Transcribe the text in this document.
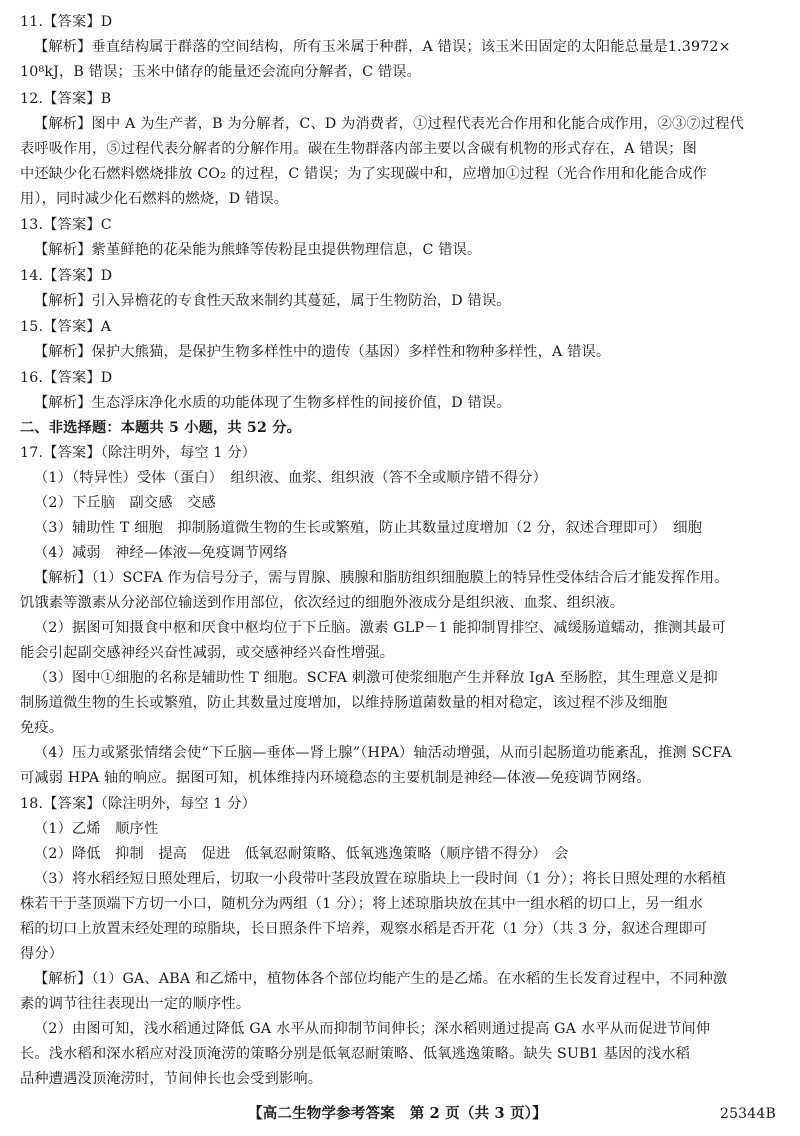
11.【答案】D
【解析】垂直结构属于群落的空间结构，所有玉米属于种群，A 错误；该玉米田固定的太阳能总量是1.3972×
10⁸kJ，B 错误；玉米中储存的能量还会流向分解者，C 错误。
12.【答案】B
【解析】图中 A 为生产者，B 为分解者，C、D 为消费者，①过程代表光合作用和化能合成作用，②③⑦过程代
表呼吸作用，⑤过程代表分解者的分解作用。碳在生物群落内部主要以含碳有机物的形式存在，A 错误；图
中还缺少化石燃料燃烧排放 CO₂ 的过程，C 错误；为了实现碳中和，应增加①过程（光合作用和化能合成作
用），同时减少化石燃料的燃烧，D 错误。
13.【答案】C
【解析】紫堇鲜艳的花朵能为熊蜂等传粉昆虫提供物理信息，C 错误。
14.【答案】D
【解析】引入异檐花的专食性天敌来制约其蔓延，属于生物防治，D 错误。
15.【答案】A
【解析】保护大熊猫，是保护生物多样性中的遗传（基因）多样性和物种多样性，A 错误。
16.【答案】D
【解析】生态浮床净化水质的功能体现了生物多样性的间接价值，D 错误。
二、非选择题：本题共 5 小题，共 52 分。
17.【答案】（除注明外，每空 1 分）
（1）（特异性）受体（蛋白）　组织液、血浆、组织液（答不全或顺序错不得分）
（2）下丘脑　副交感　交感
（3）辅助性 T 细胞　抑制肠道微生物的生长或繁殖，防止其数量过度增加（2 分，叙述合理即可）　细胞
（4）减弱　神经—体液—免疫调节网络
【解析】（1）SCFA 作为信号分子，需与胃腺、胰腺和脂肪组织细胞膜上的特异性受体结合后才能发挥作用。
饥饿素等激素从分泌部位输送到作用部位，依次经过的细胞外液成分是组织液、血浆、组织液。
（2）据图可知摄食中枢和厌食中枢均位于下丘脑。激素 GLP－1 能抑制胃排空、减缓肠道蠕动，推测其最可
能会引起副交感神经兴奋性减弱，或交感神经兴奋性增强。
（3）图中①细胞的名称是辅助性 T 细胞。SCFA 刺激可使浆细胞产生并释放 IgA 至肠腔，其生理意义是抑
制肠道微生物的生长或繁殖，防止其数量过度增加，以维持肠道菌数量的相对稳定，该过程不涉及细胞
免疫。
（4）压力或紧张情绪会使“下丘脑—垂体—肾上腺”（HPA）轴活动增强，从而引起肠道功能紊乱，推测 SCFA
可减弱 HPA 轴的响应。据图可知，机体维持内环境稳态的主要机制是神经—体液—免疫调节网络。
18.【答案】（除注明外，每空 1 分）
（1）乙烯　顺序性
（2）降低　抑制　提高　促进　低氧忍耐策略、低氧逃逸策略（顺序错不得分）　会
（3）将水稻经短日照处理后，切取一小段带叶茎段放置在琼脂块上一段时间（1 分）；将长日照处理的水稻植
株若干于茎顶端下方切一小口，随机分为两组（1 分）；将上述琼脂块放在其中一组水稻的切口上，另一组水
稻的切口上放置未经处理的琼脂块，长日照条件下培养，观察水稻是否开花（1 分）（共 3 分，叙述合理即可
得分）
【解析】（1）GA、ABA 和乙烯中，植物体各个部位均能产生的是乙烯。在水稻的生长发育过程中，不同种激
素的调节往往表现出一定的顺序性。
（2）由图可知，浅水稻通过降低 GA 水平从而抑制节间伸长；深水稻则通过提高 GA 水平从而促进节间伸
长。浅水稻和深水稻应对没顶淹涝的策略分别是低氧忍耐策略、低氧逃逸策略。缺失 SUB1 基因的浅水稻
品种遭遇没顶淹涝时，节间伸长也会受到影响。
【高二生物学参考答案　第 2 页（共 3 页）】	25344B
